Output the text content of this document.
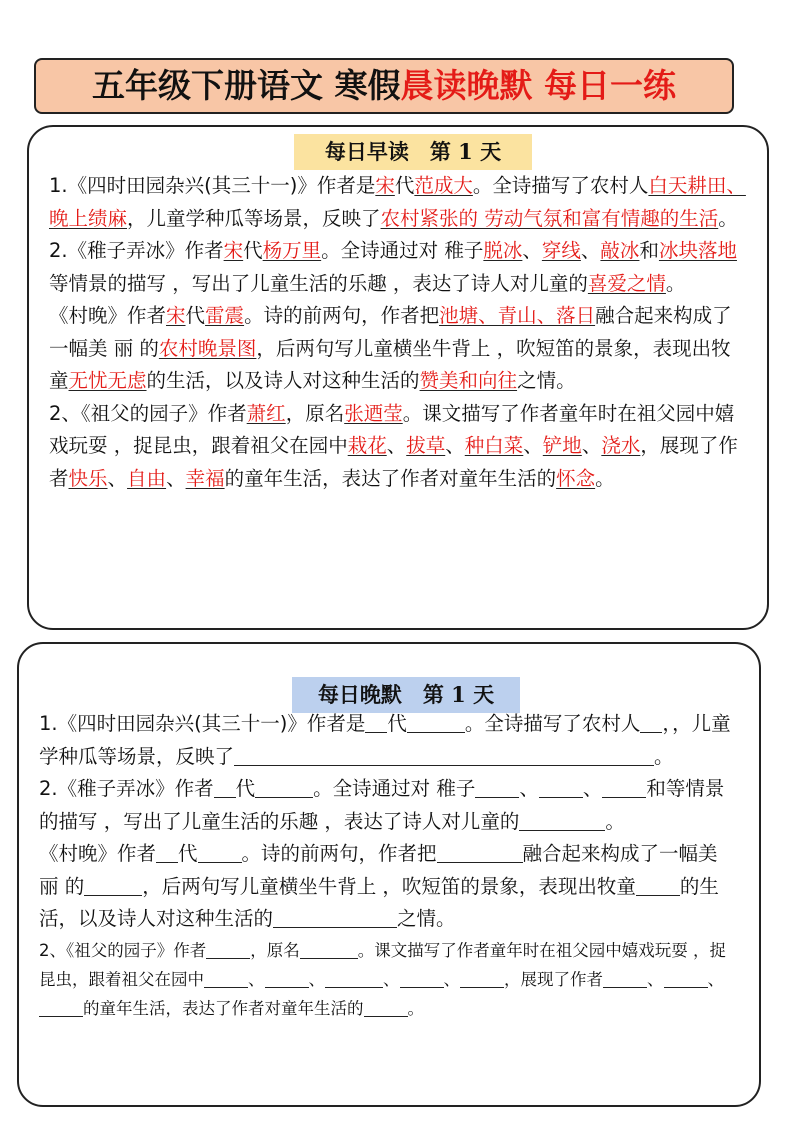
五年级下册语文 寒假晨读晚默 每日一练
每日早读　第 1 天

1.《四时田园杂兴(其三十一)》作者是宋代范成大。全诗描写了农村人白天耕田、晚上绩麻，儿童学种瓜等场景，反映了农村紧张的 劳动气氛和富有情趣的生活。

2.《稚子弄冰》作者宋代杨万里。全诗通过对 稚子脱冰、穿线、敲冰和冰块落地等情景的描写 ，写出了儿童生活的乐趣 ，表达了诗人对儿童的喜爱之情。

《村晚》作者宋代雷震。诗的前两句，作者把池塘、青山、落日融合起来构成了一幅美 丽 的农村晚景图，后两句写儿童横坐牛背上 ，吹短笛的景象，表现出牧童无忧无虑的生活，以及诗人对这种生活的赞美和向往之情。

2、《祖父的园子》作者萧红，原名张迺莹。课文描写了作者童年时在祖父园中嬉戏玩耍 ，捉昆虫，跟着祖父在园中栽花、拔草、种白菜、铲地、浇水，展现了作者快乐、自由、幸福的童年生活，表达了作者对童年生活的怀念。

每日晚默　第 1 天

1.《四时田园杂兴(其三十一)》作者是 代	。全诗描写了农村人 ，，儿童学种瓜等场景，反映了	。

2.《稚子弄冰》作者 代	。全诗通过对 稚子 、 、 和等情景的描写 ，写出了儿童生活的乐趣 ，表达了诗人对儿童的	。

《村晚》作者 代 。诗的前两句，作者把	融合起来构成了一幅美 丽 的	，后两句写儿童横坐牛背上 ，吹短笛的景象，表现出牧童 的生活，以及诗人对这种生活的	之情。

2、《祖父的园子》作者	，原名	。课文描写了作者童年时在祖父园中嬉戏玩耍 ，捉昆虫，跟着祖父在园中	、	、	、	、	，展现了作者	、	、的童年生活，表达了作者对童年生活的	。
